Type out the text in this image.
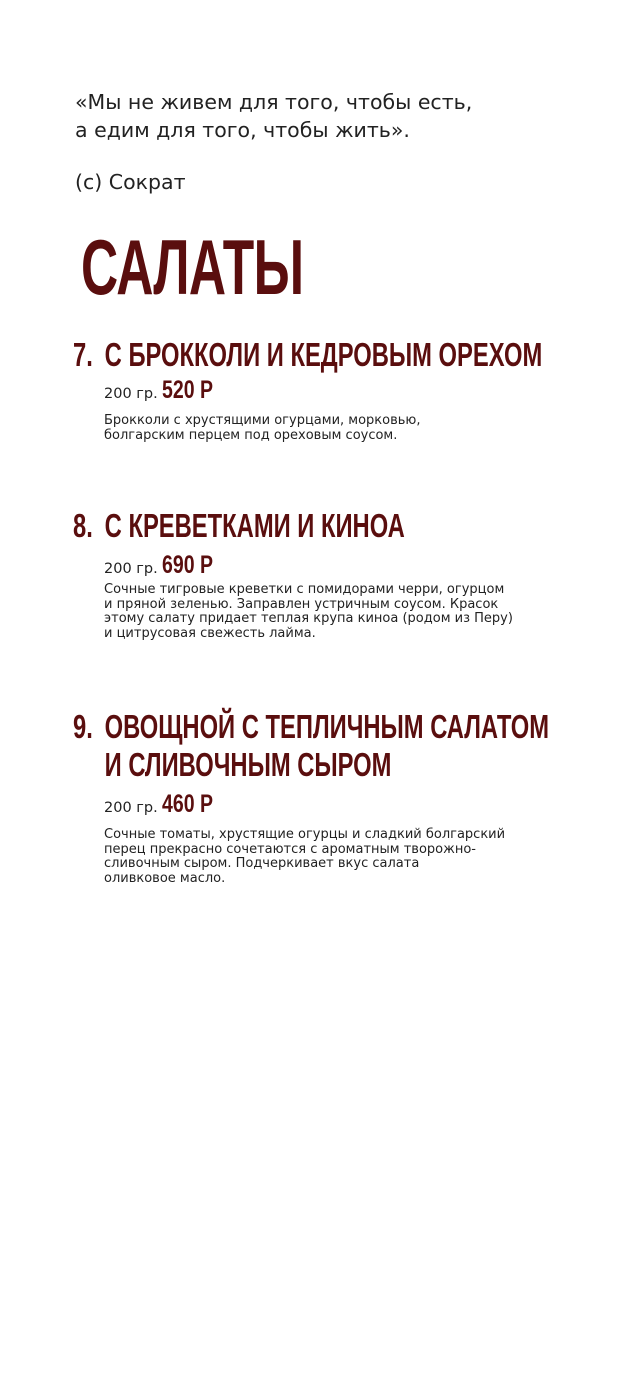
«Мы не живем для того, чтобы есть,
а едим для того, чтобы жить».
(с) Сократ
САЛАТЫ
7. С БРОККОЛИ И КЕДРОВЫМ ОРЕХОМ
200 гр. 520 Р
Брокколи с хрустящими огурцами, морковью,
болгарским перцем под ореховым соусом.
8. С КРЕВЕТКАМИ И КИНОА
200 гр. 690 Р
Сочные тигровые креветки с помидорами черри, огурцом
и пряной зеленью. Заправлен устричным соусом. Красок
этому салату придает теплая крупа киноа (родом из Перу)
и цитрусовая свежесть лайма.
9. ОВОЩНОЙ С ТЕПЛИЧНЫМ САЛАТОМ
И СЛИВОЧНЫМ СЫРОМ
200 гр. 460 Р
Сочные томаты, хрустящие огурцы и сладкий болгарский
перец прекрасно сочетаются с ароматным творожно-
сливочным сыром. Подчеркивает вкус салата
оливковое масло.
